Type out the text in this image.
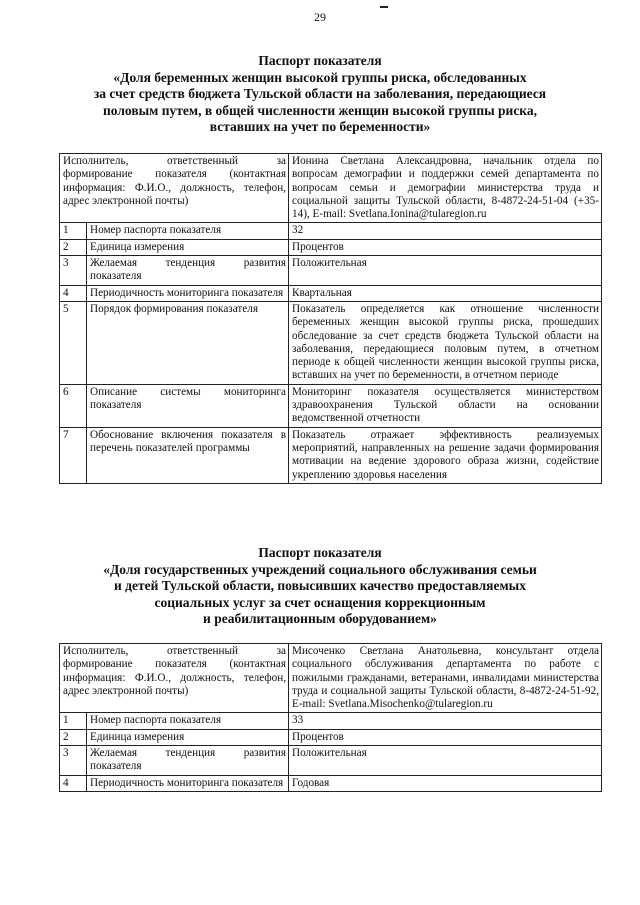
29
Паспорт показателя
«Доля беременных женщин высокой группы риска, обследованных
за счет средств бюджета Тульской области на заболевания, передающиеся
половым путем, в общей численности женщин высокой группы риска,
вставших на учет по беременности»
Исполнитель, ответственный за формирование показателя (контактная информация: Ф.И.О., должность, телефон, адрес электронной почты)		Ионина Светлана Александровна, начальник отдела по вопросам демографии и поддержки семей департамента по вопросам семьи и демографии министерства труда и социальной защиты Тульской области, 8-4872-24-51-04 (+35-14), E-mail: Svetlana.Ionina@tularegion.ru
1	Номер паспорта показателя	32
2	Единица измерения	Процентов
3	Желаемая тенденция развития показателя	Положительная
4	Периодичность мониторинга показателя	Квартальная
5	Порядок формирования показателя	Показатель определяется как отношение численности беременных женщин высокой группы риска, прошедших обследование за счет средств бюджета Тульской области на заболевания, передающиеся половым путем, в отчетном периоде к общей численности женщин высокой группы риска, вставших на учет по беременности, в отчетном периоде
6	Описание системы мониторинга показателя	Мониторинг показателя осуществляется министерством здравоохранения Тульской области на основании ведомственной отчетности
7	Обоснование включения показателя в перечень показателей программы	Показатель отражает эффективность реализуемых мероприятий, направленных на решение задачи формирования мотивации на ведение здорового образа жизни, содействие укреплению здоровья населения
Паспорт показателя
«Доля государственных учреждений социального обслуживания семьи
и детей Тульской области, повысивших качество предоставляемых
социальных услуг за счет оснащения коррекционным
и реабилитационным оборудованием»
Исполнитель, ответственный за формирование показателя (контактная информация: Ф.И.О., должность, телефон, адрес электронной почты)		Мисоченко Светлана Анатольевна, консультант отдела социального обслуживания департамента по работе с пожилыми гражданами, ветеранами, инвалидами министерства труда и социальной защиты Тульской области, 8-4872-24-51-92, E-mail: Svetlana.Misochenko@tularegion.ru
1	Номер паспорта показателя	33
2	Единица измерения	Процентов
3	Желаемая тенденция развития показателя	Положительная
4	Периодичность мониторинга показателя	Годовая
